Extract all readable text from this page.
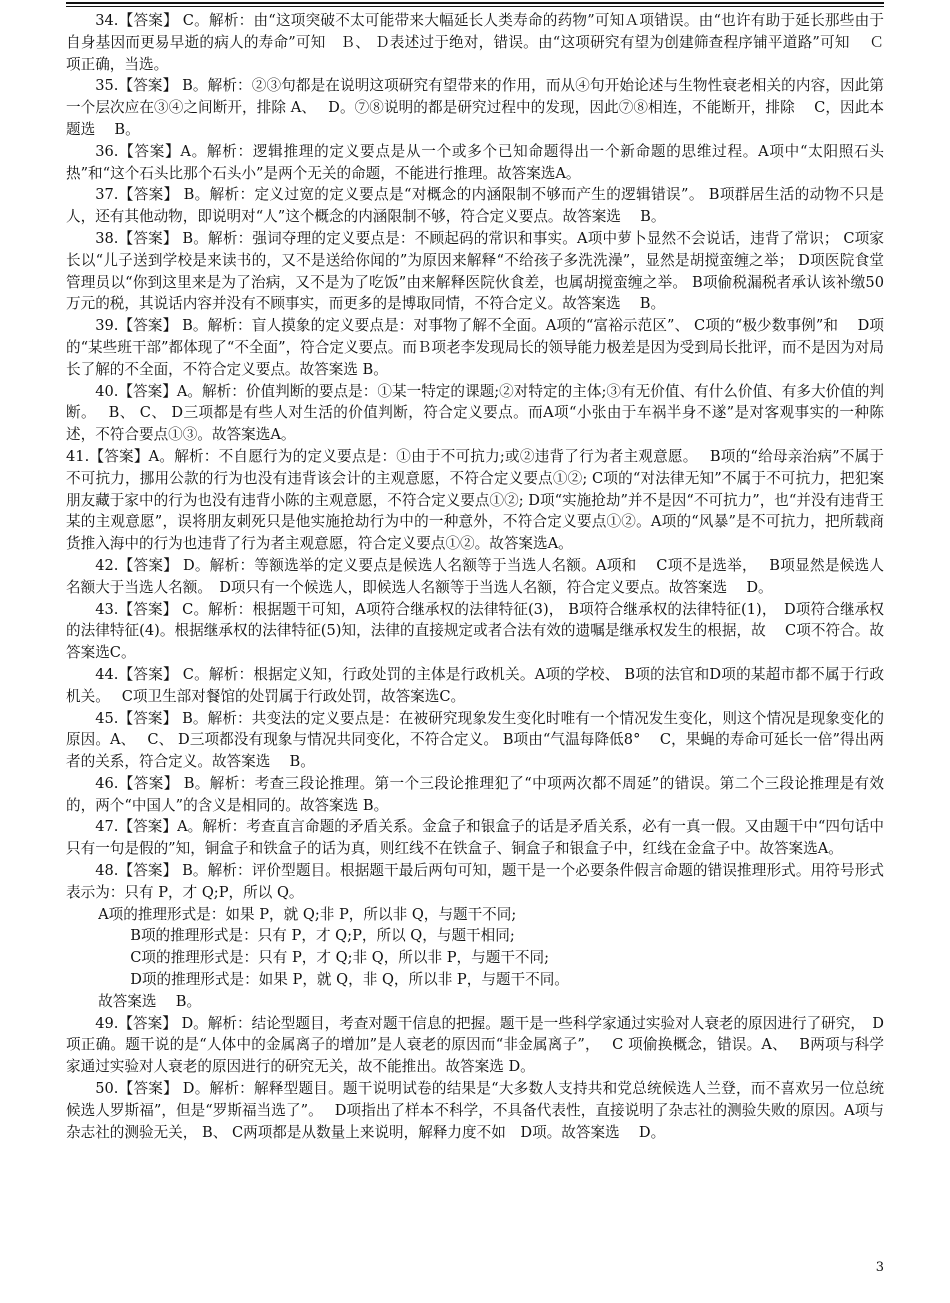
34.【答案】 C。解析：由“这项突破不太可能带来大幅延长人类寿命的药物”可知Ａ项错误。由“也许有助于延长那些由于自身基因而更易早逝的病人的寿命”可知　Ｂ、 Ｄ表述过于绝对，错误。由“这项研究有望为创建筛查程序铺平道路”可知　 Ｃ项正确，当选。

35.【答案】 B。解析：②③句都是在说明这项研究有望带来的作用，而从④句开始论述与生物性衰老相关的内容，因此第一个层次应在③④之间断开，排除 A、　 D。⑦⑧说明的都是研究过程中的发现，因此⑦⑧相连，不能断开，排除　 C，因此本题选　 B。

36.【答案】A。解析：逻辑推理的定义要点是从一个或多个已知命题得出一个新命题的思维过程。A项中“太阳照石头热”和“这个石头比那个石头小”是两个无关的命题，不能进行推理。故答案选A。

37.【答案】 B。解析：定义过宽的定义要点是“对概念的内涵限制不够而产生的逻辑错误”。 B项群居生活的动物不只是人，还有其他动物，即说明对“人”这个概念的内涵限制不够，符合定义要点。故答案选　 B。

38.【答案】 B。解析：强词夺理的定义要点是：不顾起码的常识和事实。A项中萝卜显然不会说话，违背了常识； C项家长以“儿子送到学校是来读书的，又不是送给你闻的”为原因来解释“不给孩子多洗洗澡”，显然是胡搅蛮缠之举； D项医院食堂管理员以“你到这里来是为了治病，又不是为了吃饭”由来解释医院伙食差，也属胡搅蛮缠之举。 B项偷税漏税者承认该补缴50万元的税，其说话内容并没有不顾事实，而更多的是博取同情，不符合定义。故答案选　 B。

39.【答案】 B。解析：盲人摸象的定义要点是：对事物了解不全面。A项的“富裕示范区”、 C项的“极少数事例”和　 D项的“某些班干部”都体现了“不全面”，符合定义要点。而Ｂ项老李发现局长的领导能力极差是因为受到局长批评，而不是因为对局长了解的不全面，不符合定义要点。故答案选 B。

40.【答案】A。解析：价值判断的要点是：①某一特定的课题;②对特定的主体;③有无价值、有什么价值、有多大价值的判断。　 B、 C、 D三项都是有些人对生活的价值判断，符合定义要点。而A项“小张由于车祸半身不遂”是对客观事实的一种陈述，不符合要点①③。故答案选A。

41.【答案】A。解析：不自愿行为的定义要点是：①由于不可抗力;或②违背了行为者主观意愿。　 B项的“给母亲治病”不属于不可抗力，挪用公款的行为也没有违背该会计的主观意愿，不符合定义要点①②; C项的“对法律无知”不属于不可抗力，把犯案朋友藏于家中的行为也没有违背小陈的主观意愿，不符合定义要点①②; D项“实施抢劫”并不是因“不可抗力”，也“并没有违背王某的主观意愿”，误将朋友刺死只是他实施抢劫行为中的一种意外，不符合定义要点①②。A项的“风暴”是不可抗力，把所载商货推入海中的行为也违背了行为者主观意愿，符合定义要点①②。故答案选A。

42.【答案】 D。解析：等额选举的定义要点是候选人名额等于当选人名额。A项和　 C项不是选举，　 B项显然是候选人名额大于当选人名额。　D项只有一个候选人，即候选人名额等于当选人名额，符合定义要点。故答案选　 D。

43.【答案】 C。解析：根据题干可知，A项符合继承权的法律特征(3)， B项符合继承权的法律特征(1)，　D项符合继承权的法律特征(4)。根据继承权的法律特征(5)知，法律的直接规定或者合法有效的遗嘱是继承权发生的根据，故　 C项不符合。故答案选C。

44.【答案】 C。解析：根据定义知，行政处罚的主体是行政机关。A项的学校、 B项的法官和D项的某超市都不属于行政机关。　 C项卫生部对餐馆的处罚属于行政处罚，故答案选C。

45.【答案】 B。解析：共变法的定义要点是：在被研究现象发生变化时唯有一个情况发生变化，则这个情况是现象变化的原因。A、　 C、 D三项都没有现象与情况共同变化，不符合定义。 B项由“气温每降低8°　 C，果蝇的寿命可延长一倍”得出两者的关系，符合定义。故答案选　 B。

46.【答案】 B。解析：考查三段论推理。第一个三段论推理犯了“中项两次都不周延”的错误。第二个三段论推理是有效的，两个“中国人”的含义是相同的。故答案选 B。

47.【答案】A。解析：考查直言命题的矛盾关系。金盒子和银盒子的话是矛盾关系，必有一真一假。又由题干中“四句话中只有一句是假的”知，铜盒子和铁盒子的话为真，则红线不在铁盒子、铜盒子和银盒子中，红线在金盒子中。故答案选A。

48.【答案】 B。解析：评价型题目。根据题干最后两句可知，题干是一个必要条件假言命题的错误推理形式。用符号形式表示为：只有 P，才 Q;P，所以 Q。

A项的推理形式是：如果 P，就 Q;非 P，所以非 Q，与题干不同;

B项的推理形式是：只有 P，才 Q;P，所以 Q，与题干相同;

C项的推理形式是：只有 P，才 Q;非 Q，所以非 P，与题干不同;

D项的推理形式是：如果 P，就 Q，非 Q，所以非 P，与题干不同。

故答案选　 B。

49.【答案】 D。解析：结论型题目，考查对题干信息的把握。题干是一些科学家通过实验对人衰老的原因进行了研究，　D项正确。题干说的是“人体中的金属离子的增加”是人衰老的原因而“非金属离子”，　 C 项偷换概念，错误。A、　 B两项与科学家通过实验对人衰老的原因进行的研究无关，故不能推出。故答案选 D。

50.【答案】 D。解析：解释型题目。题干说明试卷的结果是“大多数人支持共和党总统候选人兰登，而不喜欢另一位总统候选人罗斯福”，但是“罗斯福当选了”。　 D项指出了样本不科学，不具备代表性，直接说明了杂志社的测验失败的原因。A项与杂志社的测验无关， B、 C两项都是从数量上来说明，解释力度不如　D项。故答案选　 D。

3
